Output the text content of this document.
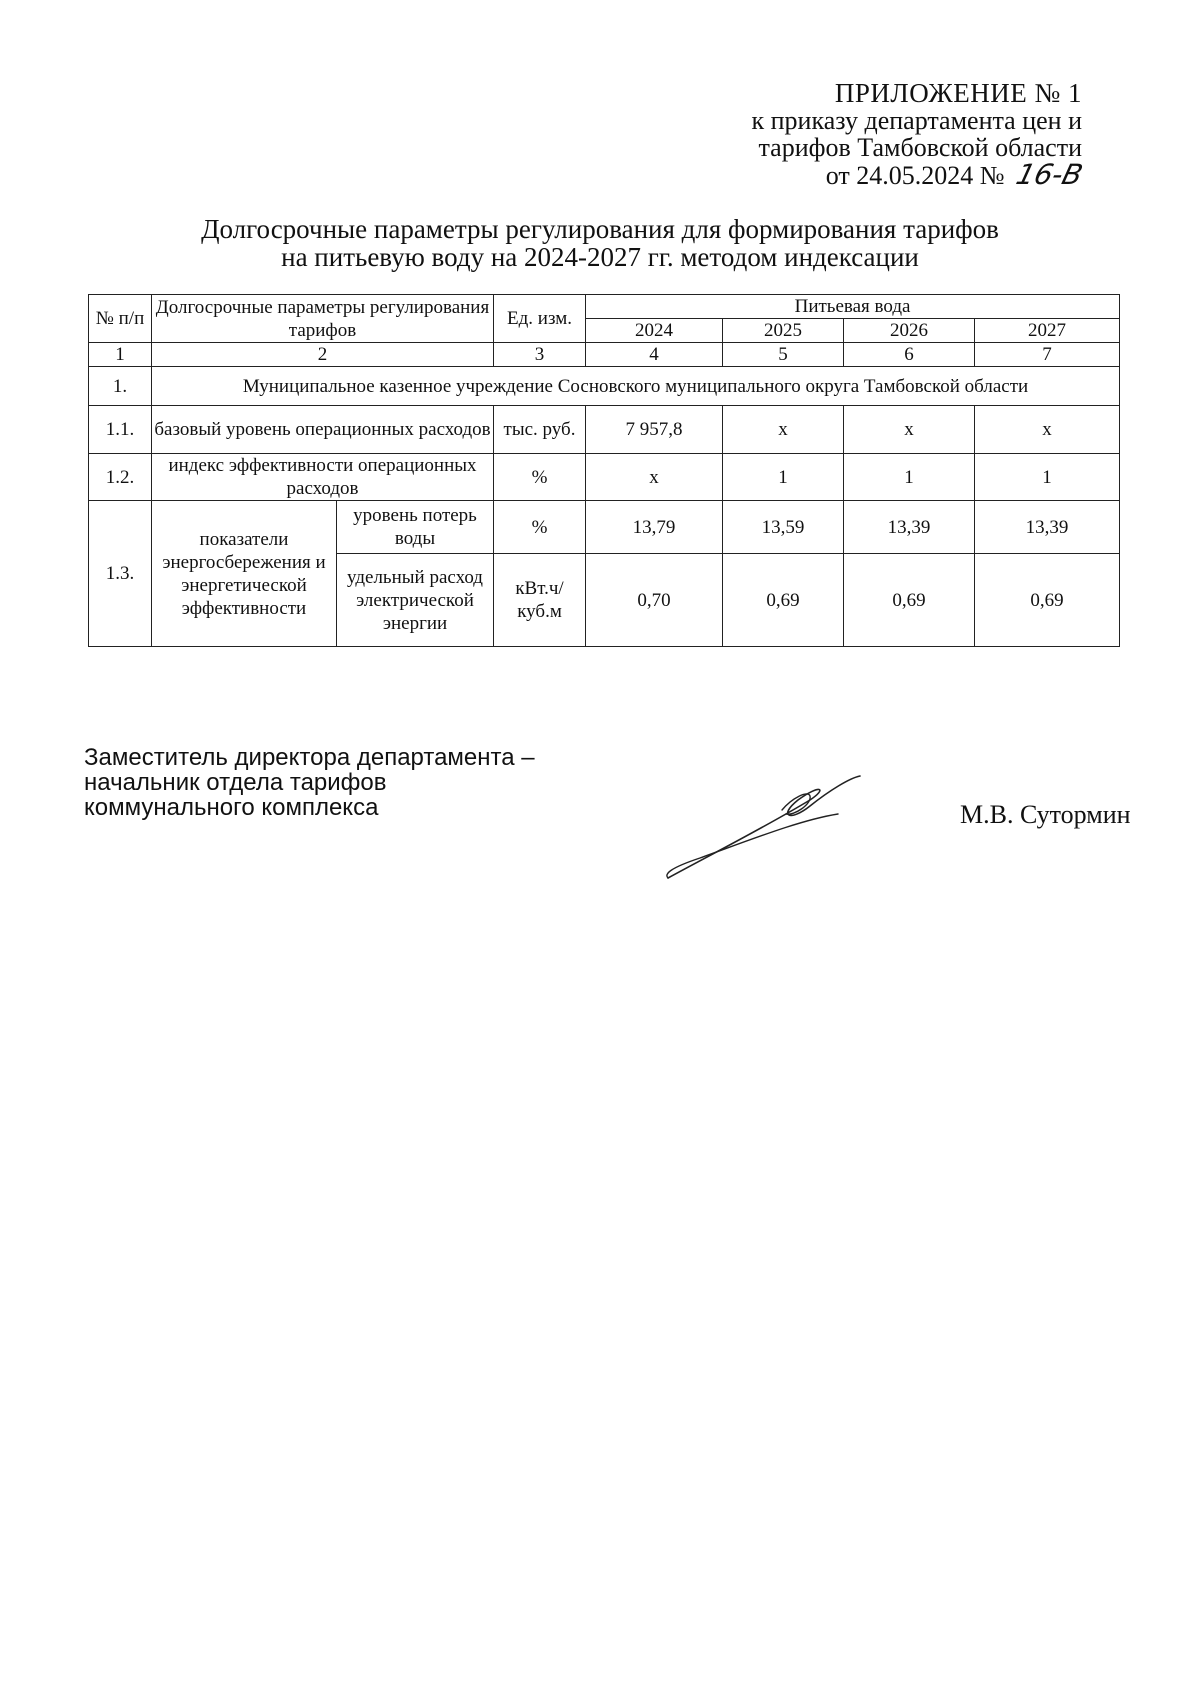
ПРИЛОЖЕНИЕ № 1
к приказу департамента цен и
тарифов Тамбовской области
от 24.05.2024 № 16-В
Долгосрочные параметры регулирования для формирования тарифов
на питьевую воду на 2024-2027 гг. методом индексации
№ п/п	Долгосрочные параметры регулирования тарифов		Ед. изм.	Питьевая вода			
				2024	2025	2026	2027
1	2		3	4	5	6	7
1.	Муниципальное казенное учреждение Сосновского муниципального округа Тамбовской области						
1.1.	базовый уровень операционных расходов		тыс. руб.	7 957,8	х	х	х
1.2.	индекс эффективности операционных расходов		%	х	1	1	1
1.3.	показатели энергосбережения и энергетической эффективности	уровень потерь воды	%	13,79	13,59	13,39	13,39
		удельный расход электрической энергии	кВт.ч/ куб.м	0,70	0,69	0,69	0,69
Заместитель директора департамента –
начальник отдела тарифов
коммунального комплекса	М.В. Сутормин
